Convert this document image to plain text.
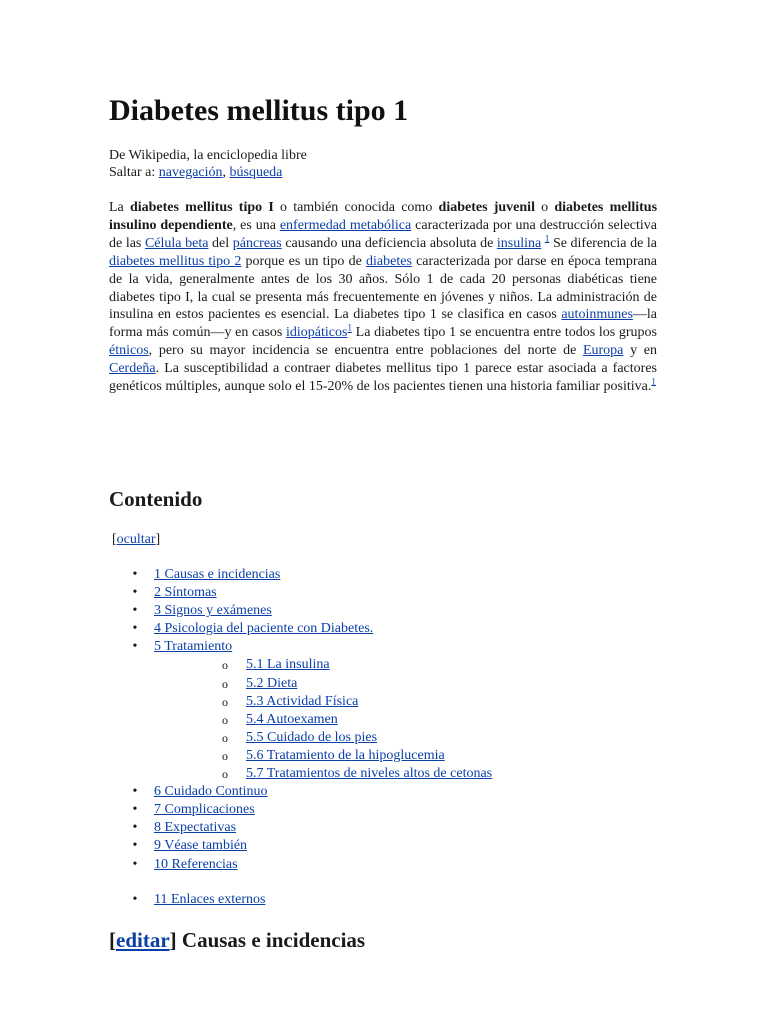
Diabetes mellitus tipo 1
De Wikipedia, la enciclopedia libre
Saltar a: navegación, búsqueda

La diabetes mellitus tipo I o también conocida como diabetes juvenil o diabetes mellitus insulino dependiente, es una enfermedad metabólica caracterizada por una destrucción selectiva de las Célula beta del páncreas causando una deficiencia absoluta de insulina $^1$ Se diferencia de la diabetes mellitus tipo 2 porque es un tipo de diabetes caracterizada por darse en época temprana de la vida, generalmente antes de los 30 años. Sólo 1 de cada 20 personas diabéticas tiene diabetes tipo I, la cual se presenta más frecuentemente en jóvenes y niños. La administración de insulina en estos pacientes es esencial. La diabetes tipo 1 se clasifica en casos autoinmunes—la forma más común—y en casos idiopáticos$^1$ La diabetes tipo 1 se encuentra entre todos los grupos étnicos, pero su mayor incidencia se encuentra entre poblaciones del norte de Europa y en Cerdeña. La susceptibilidad a contraer diabetes mellitus tipo 1 parece estar asociada a factores genéticos múltiples, aunque solo el 15-20% de los pacientes tienen una historia familiar positiva.$^1$

Contenido
[ocultar]
• 1 Causas e incidencias
• 2 Síntomas
• 3 Signos y exámenes
• 4 Psicologia del paciente con Diabetes.
• 5 Tratamiento
o 5.1 La insulina
o 5.2 Dieta
o 5.3 Actividad Física
o 5.4 Autoexamen
o 5.5 Cuidado de los pies
o 5.6 Tratamiento de la hipoglucemia
o 5.7 Tratamientos de niveles altos de cetonas
• 6 Cuidado Continuo
• 7 Complicaciones
• 8 Expectativas
• 9 Véase también
• 10 Referencias
• 11 Enlaces externos
[editar] Causas e incidencias
